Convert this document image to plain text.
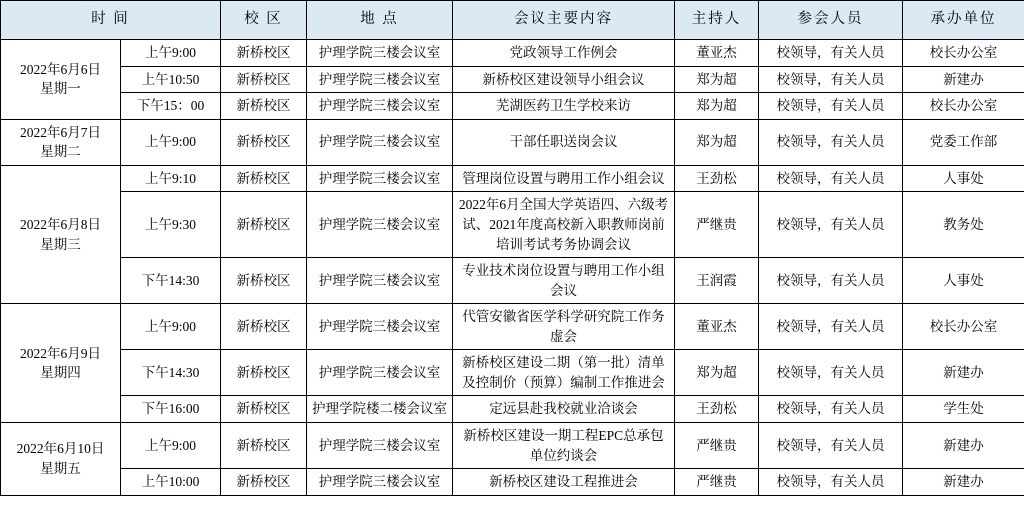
时 间		校 区	地 点	会议主要内容	主持人	参会人员	承办单位

2022年6月6日
星期一	上午9:00	新桥校区	护理学院三楼会议室	党政领导工作例会	董亚杰	校领导，有关人员	校长办公室
	上午10:50	新桥校区	护理学院三楼会议室	新桥校区建设领导小组会议	郑为超	校领导，有关人员	新建办
	下午15：00	新桥校区	护理学院三楼会议室	芜湖医药卫生学校来访	郑为超	校领导，有关人员	校长办公室

2022年6月7日
星期二	上午9:00	新桥校区	护理学院三楼会议室	干部任职送岗会议	郑为超	校领导，有关人员	党委工作部

2022年6月8日
星期三	上午9:10	新桥校区	护理学院三楼会议室	管理岗位设置与聘用工作小组会议	王劲松	校领导，有关人员	人事处
	上午9:30	新桥校区	护理学院三楼会议室	2022年6月全国大学英语四、六级考试、2021年度高校新入职教师岗前培训考试考务协调会议	严继贵	校领导，有关人员	教务处
	下午14:30	新桥校区	护理学院三楼会议室	专业技术岗位设置与聘用工作小组会议	王润霞	校领导，有关人员	人事处

2022年6月9日
星期四	上午9:00	新桥校区	护理学院三楼会议室	代管安徽省医学科学研究院工作务虚会	董亚杰	校领导，有关人员	校长办公室
	下午14:30	新桥校区	护理学院三楼会议室	新桥校区建设二期（第一批）清单及控制价（预算）编制工作推进会	郑为超	校领导，有关人员	新建办
	下午16:00	新桥校区	护理学院楼二楼会议室	定远县赴我校就业洽谈会	王劲松	校领导，有关人员	学生处

2022年6月10日
星期五	上午9:00	新桥校区	护理学院三楼会议室	新桥校区建设一期工程EPC总承包单位约谈会	严继贵	校领导，有关人员	新建办
	上午10:00	新桥校区	护理学院三楼会议室	新桥校区建设工程推进会	严继贵	校领导，有关人员	新建办
